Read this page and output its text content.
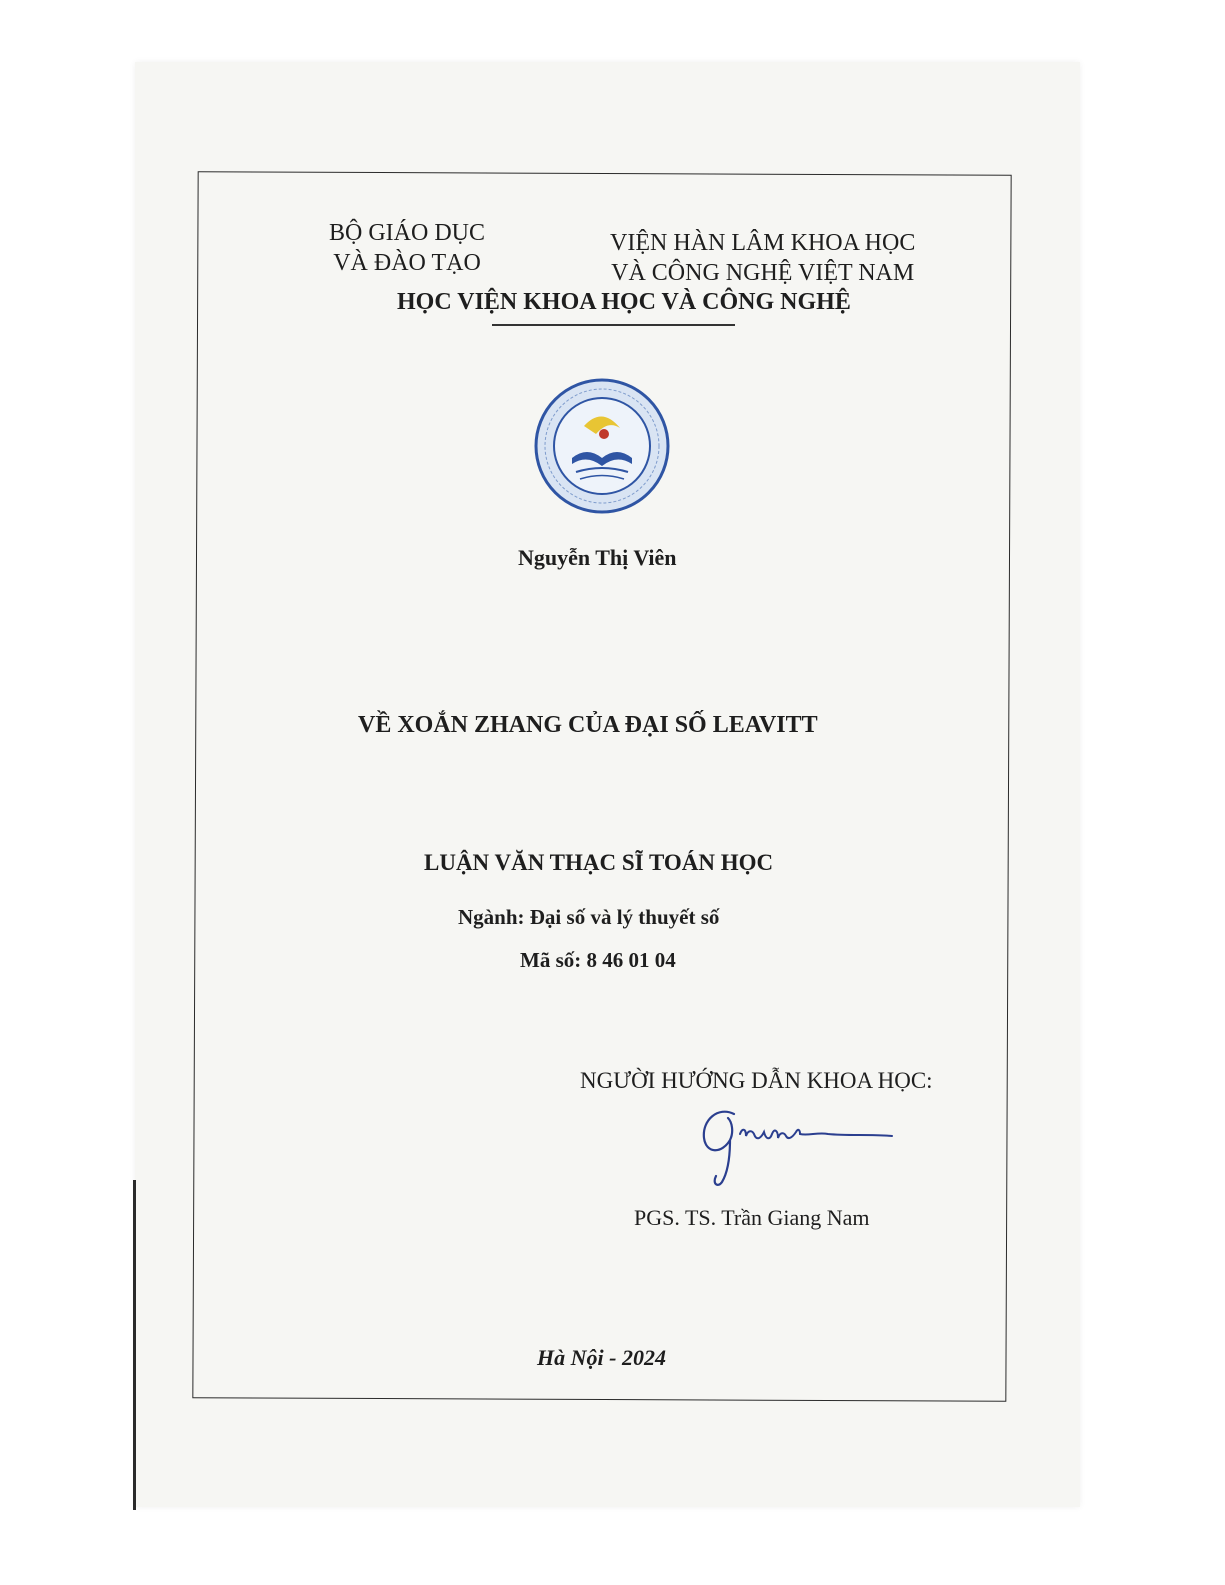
BỘ GIÁO DỤC
VÀ ĐÀO TẠO
VIỆN HÀN LÂM KHOA HỌC
VÀ CÔNG NGHỆ VIỆT NAM
HỌC VIỆN KHOA HỌC VÀ CÔNG NGHỆ
Nguyễn Thị Viên
VỀ XOẮN ZHANG CỦA ĐẠI SỐ LEAVITT
LUẬN VĂN THẠC SĨ TOÁN HỌC
Ngành: Đại số và lý thuyết số
Mã số: 8 46 01 04
NGƯỜI HƯỚNG DẪN KHOA HỌC:
PGS. TS. Trần Giang Nam
Hà Nội - 2024
